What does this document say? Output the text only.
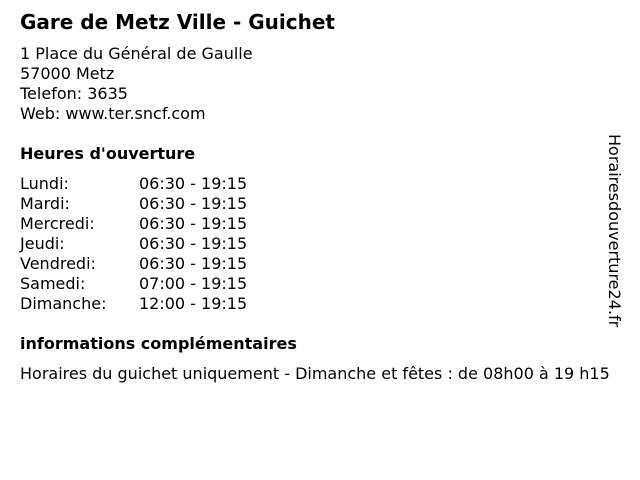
Gare de Metz Ville - Guichet
1 Place du Général de Gaulle
57000 Metz
Telefon: 3635
Web: www.ter.sncf.com
Heures d'ouverture
Lundi:	06:30 - 19:15
Mardi:	06:30 - 19:15
Mercredi:	06:30 - 19:15
Jeudi:	06:30 - 19:15
Vendredi:	06:30 - 19:15
Samedi:	07:00 - 19:15
Dimanche: 12:00 - 19:15
informations complémentaires
Horaires du guichet uniquement - Dimanche et fêtes : de 08h00 à 19 h15
Horairesdouverture24.fr
